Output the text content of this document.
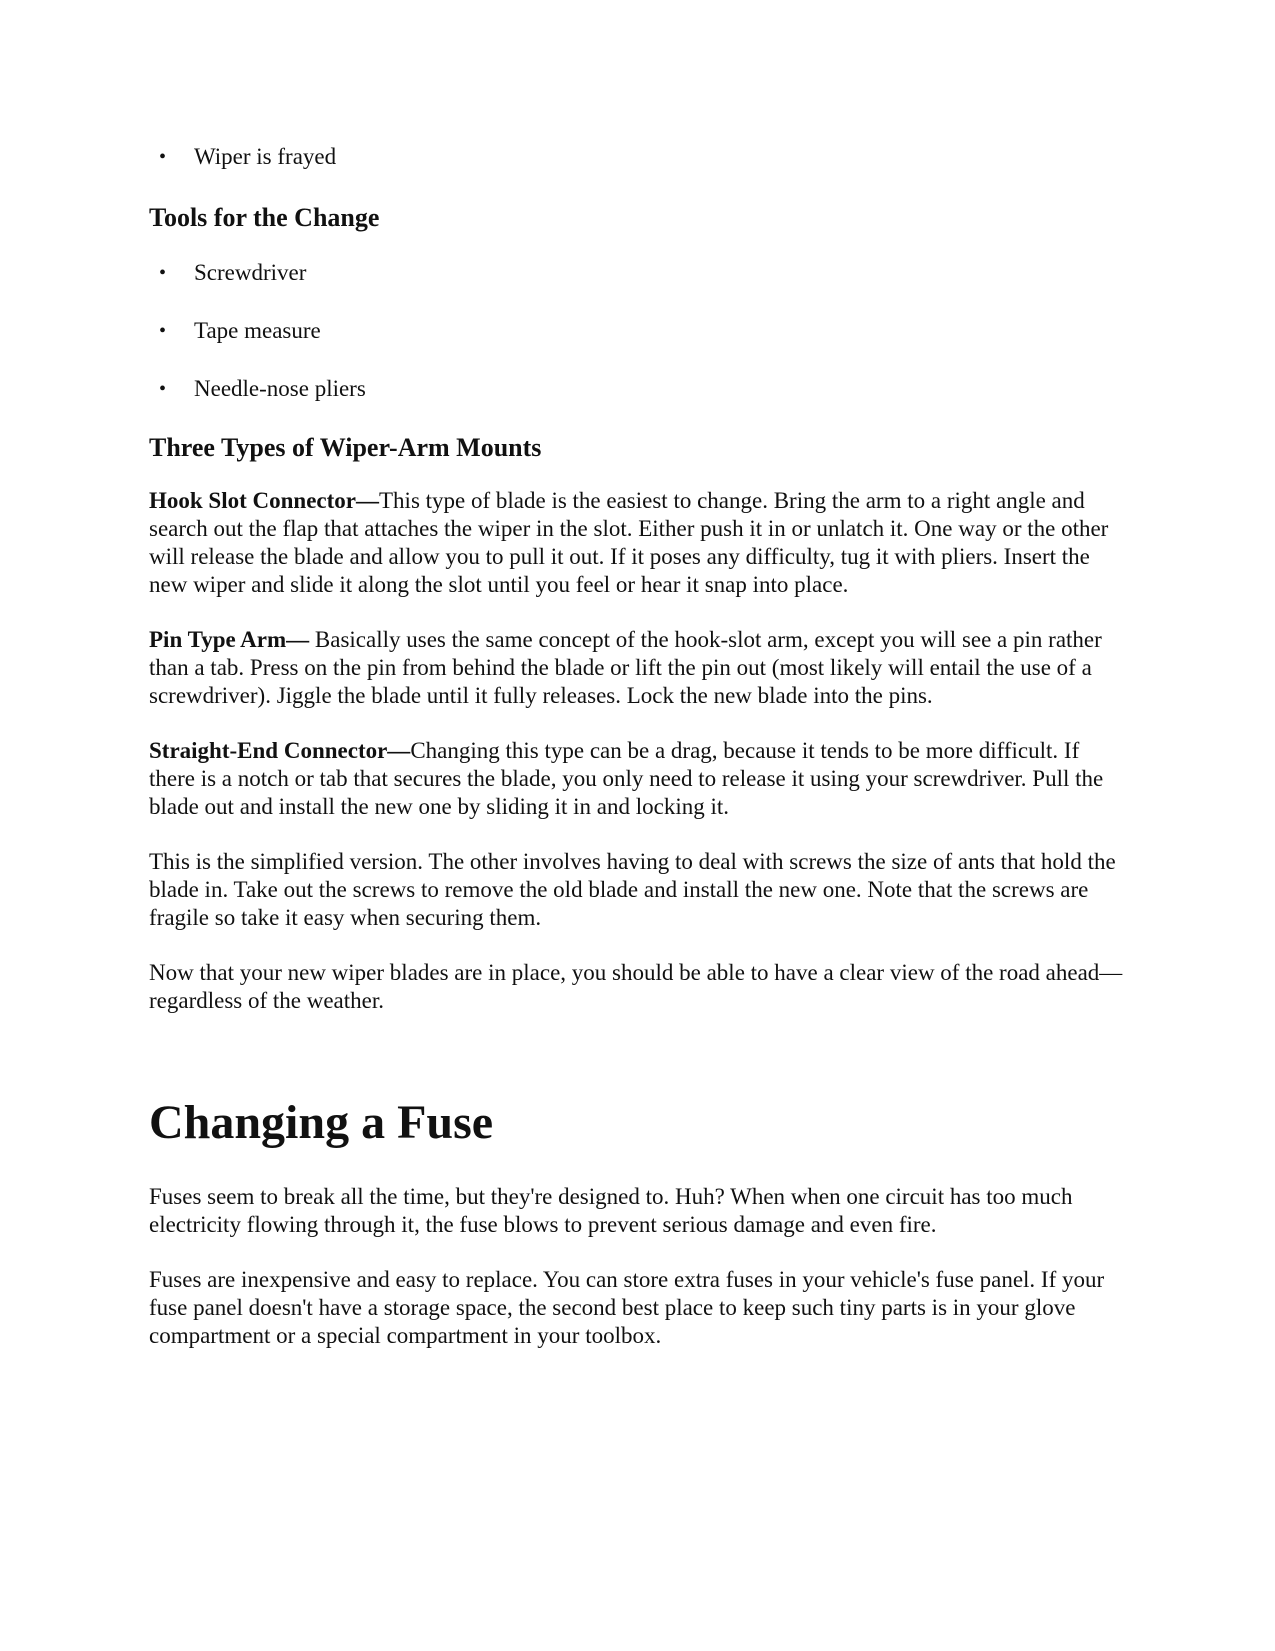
• Wiper is frayed
Tools for the Change
• Screwdriver
• Tape measure
• Needle-nose pliers
Three Types of Wiper-Arm Mounts

Hook Slot Connector—This type of blade is the easiest to change. Bring the arm to a right angle and search out the flap that attaches the wiper in the slot. Either push it in or unlatch it. One way or the other will release the blade and allow you to pull it out. If it poses any difficulty, tug it with pliers. Insert the new wiper and slide it along the slot until you feel or hear it snap into place.

Pin Type Arm— Basically uses the same concept of the hook-slot arm, except you will see a pin rather than a tab. Press on the pin from behind the blade or lift the pin out (most likely will entail the use of a screwdriver). Jiggle the blade until it fully releases. Lock the new blade into the pins.

Straight-End Connector—Changing this type can be a drag, because it tends to be more difficult. If there is a notch or tab that secures the blade, you only need to release it using your screwdriver. Pull the blade out and install the new one by sliding it in and locking it.

This is the simplified version. The other involves having to deal with screws the size of ants that hold the blade in. Take out the screws to remove the old blade and install the new one. Note that the screws are fragile so take it easy when securing them.

Now that your new wiper blades are in place, you should be able to have a clear view of the road ahead—regardless of the weather.

Changing a Fuse

Fuses seem to break all the time, but they're designed to. Huh? When when one circuit has too much electricity flowing through it, the fuse blows to prevent serious damage and even fire.

Fuses are inexpensive and easy to replace. You can store extra fuses in your vehicle's fuse panel. If your fuse panel doesn't have a storage space, the second best place to keep such tiny parts is in your glove compartment or a special compartment in your toolbox.
